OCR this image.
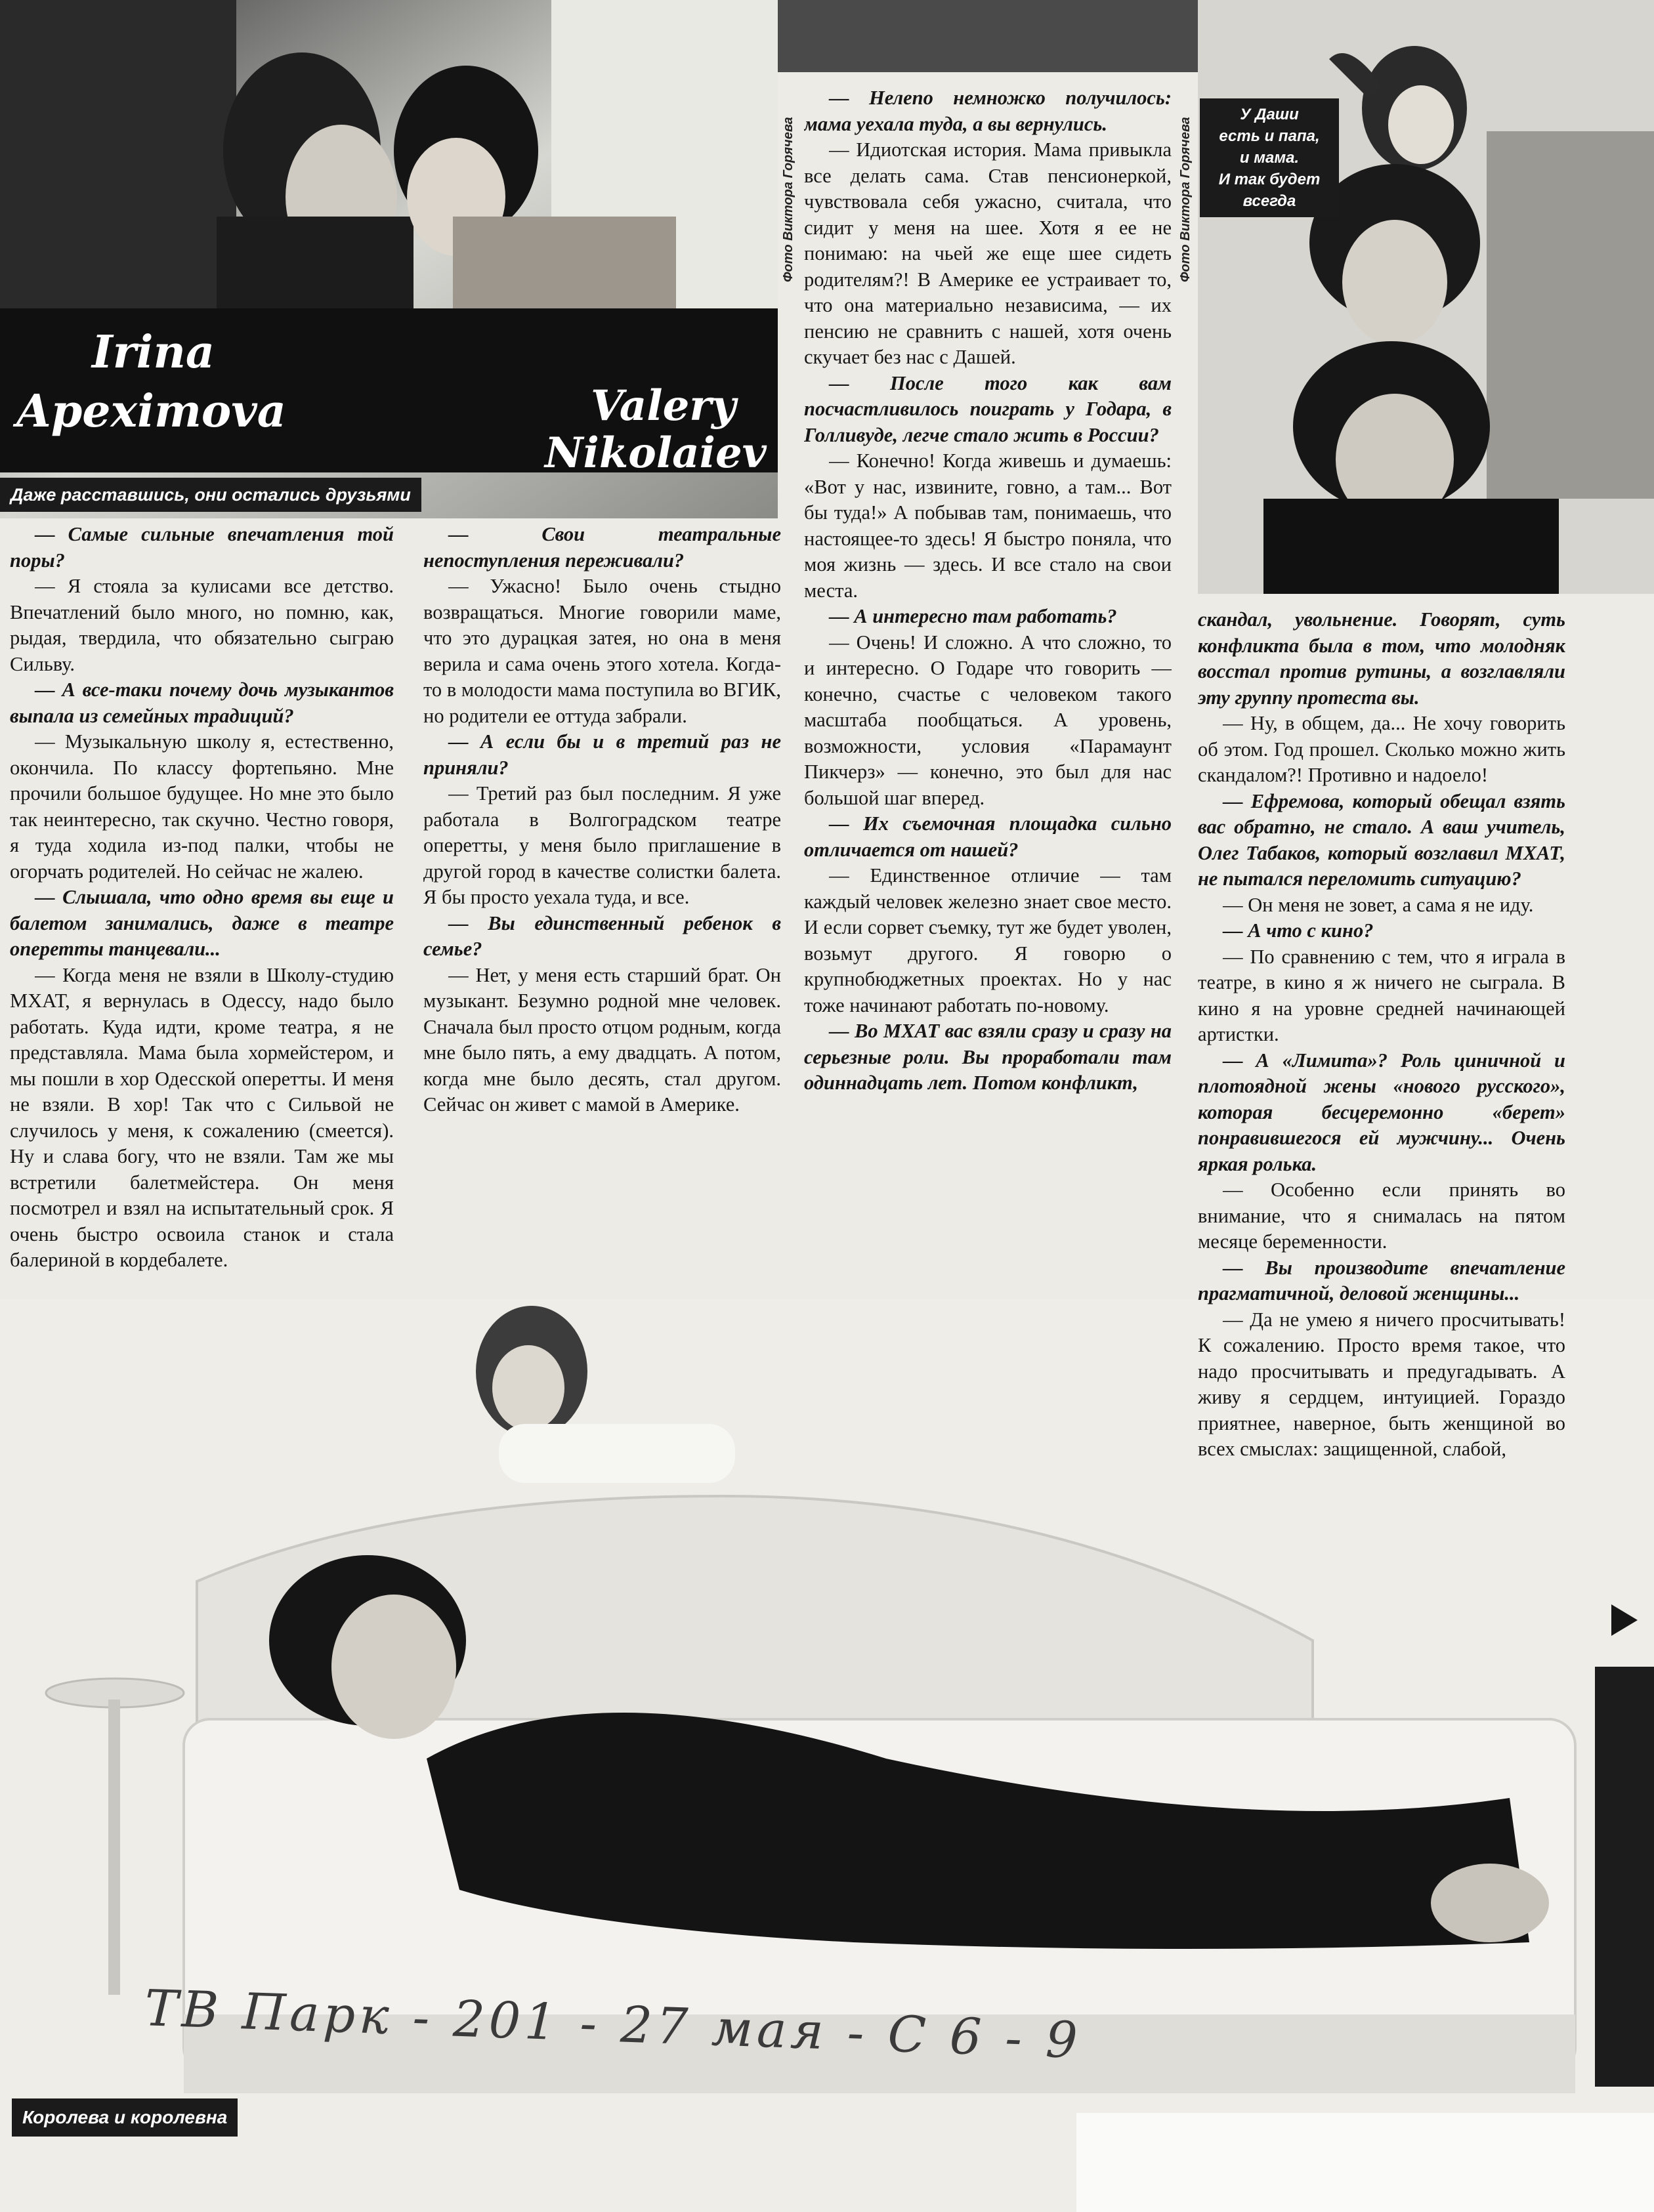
Irina
Apeximova	Valery
Nikolaiev
Даже расставшись, они остались друзьями
Фото Виктора Горячева	Фото Виктора Горячева
У Даши
есть и папа,
и мама.
И так будет
всегда
Королева и королевна
ТВ Парк - 201 - 27 мая - С 6 - 9

— Самые сильные впечатления той поры?

— Я стояла за кулисами все детство. Впечатлений было много, но помню, как, рыдая, твердила, что обязательно сыграю Сильву.

— А все-таки почему дочь музыкантов выпала из семейных традиций?

— Музыкальную школу я, естественно, окончила. По классу фортепьяно. Мне прочили большое будущее. Но мне это было так неинтересно, так скучно. Честно говоря, я туда ходила из-под палки, чтобы не огорчать родителей. Но сейчас не жалею.

— Слышала, что одно время вы еще и балетом занимались, даже в театре оперетты танцевали...

— Когда меня не взяли в Школу-студию МХАТ, я вернулась в Одессу, надо было работать. Куда идти, кроме театра, я не представляла. Мама была хормейстером, и мы пошли в хор Одесской оперетты. И меня не взяли. В хор! Так что с Сильвой не случилось у меня, к сожалению (смеется). Ну и слава богу, что не взяли. Там же мы встретили балетмейстера. Он меня посмотрел и взял на испытательный срок. Я очень быстро освоила станок и стала балериной в кордебалете.

— Свои театральные непоступления переживали?

— Ужасно! Было очень стыдно возвращаться. Многие говорили маме, что это дурацкая затея, но она в меня верила и сама очень этого хотела. Когда-то в молодости мама поступила во ВГИК, но родители ее оттуда забрали.

— А если бы и в третий раз не приняли?

— Третий раз был последним. Я уже работала в Волгоградском театре оперетты, у меня было приглашение в другой город в качестве солистки балета. Я бы просто уехала туда, и все.

— Вы единственный ребенок в семье?

— Нет, у меня есть старший брат. Он музыкант. Безумно родной мне человек. Сначала был просто отцом родным, когда мне было пять, а ему двадцать. А потом, когда мне было десять, стал другом. Сейчас он живет с мамой в Америке.

— Нелепо немножко получилось: мама уехала туда, а вы вернулись.

— Идиотская история. Мама привыкла все делать сама. Став пенсионеркой, чувствовала себя ужасно, считала, что сидит у меня на шее. Хотя я ее не понимаю: на чьей же еще шее сидеть родителям?! В Америке ее устраивает то, что она материально независима, — их пенсию не сравнить с нашей, хотя очень скучает без нас с Дашей.

— После того как вам посчастливилось поиграть у Годара, в Голливуде, легче стало жить в России?

— Конечно! Когда живешь и думаешь: «Вот у нас, извините, говно, а там... Вот бы туда!» А побывав там, понимаешь, что настоящее-то здесь! Я быстро поняла, что моя жизнь — здесь. И все стало на свои места.

— А интересно там работать?

— Очень! И сложно. А что сложно, то и интересно. О Годаре что говорить — конечно, счастье с человеком такого масштаба пообщаться. А уровень, возможности, условия «Парамаунт Пикчерз» — конечно, это был для нас большой шаг вперед.

— Их съемочная площадка сильно отличается от нашей?

— Единственное отличие — там каждый человек железно знает свое место. И если сорвет съемку, тут же будет уволен, возьмут другого. Я говорю о крупнобюджетных проектах. Но у нас тоже начинают работать по-новому.

— Во МХАТ вас взяли сразу и сразу на серьезные роли. Вы проработали там одиннадцать лет. Потом конфликт,

скандал, увольнение. Говорят, суть конфликта была в том, что молодняк восстал против рутины, а возглавляли эту группу протеста вы.

— Ну, в общем, да... Не хочу говорить об этом. Год прошел. Сколько можно жить скандалом?! Противно и надоело!

— Ефремова, который обещал взять вас обратно, не стало. А ваш учитель, Олег Табаков, который возглавил МХАТ, не пытался переломить ситуацию?

— Он меня не зовет, а сама я не иду.

— А что с кино?

— По сравнению с тем, что я играла в театре, в кино я ж ничего не сыграла. В кино я на уровне средней начинающей артистки.

— А «Лимита»? Роль циничной и плотоядной жены «нового русского», которая бесцеремонно «берет» понравившегося ей мужчину... Очень яркая ролька.

— Особенно если принять во внимание, что я снималась на пятом месяце беременности.

— Вы производите впечатление прагматичной, деловой женщины...

— Да не умею я ничего просчитывать! К сожалению. Просто время такое, что надо просчитывать и предугадывать. А живу я сердцем, интуицией. Гораздо приятнее, наверное, быть женщиной во всех смыслах: защищенной, слабой,
